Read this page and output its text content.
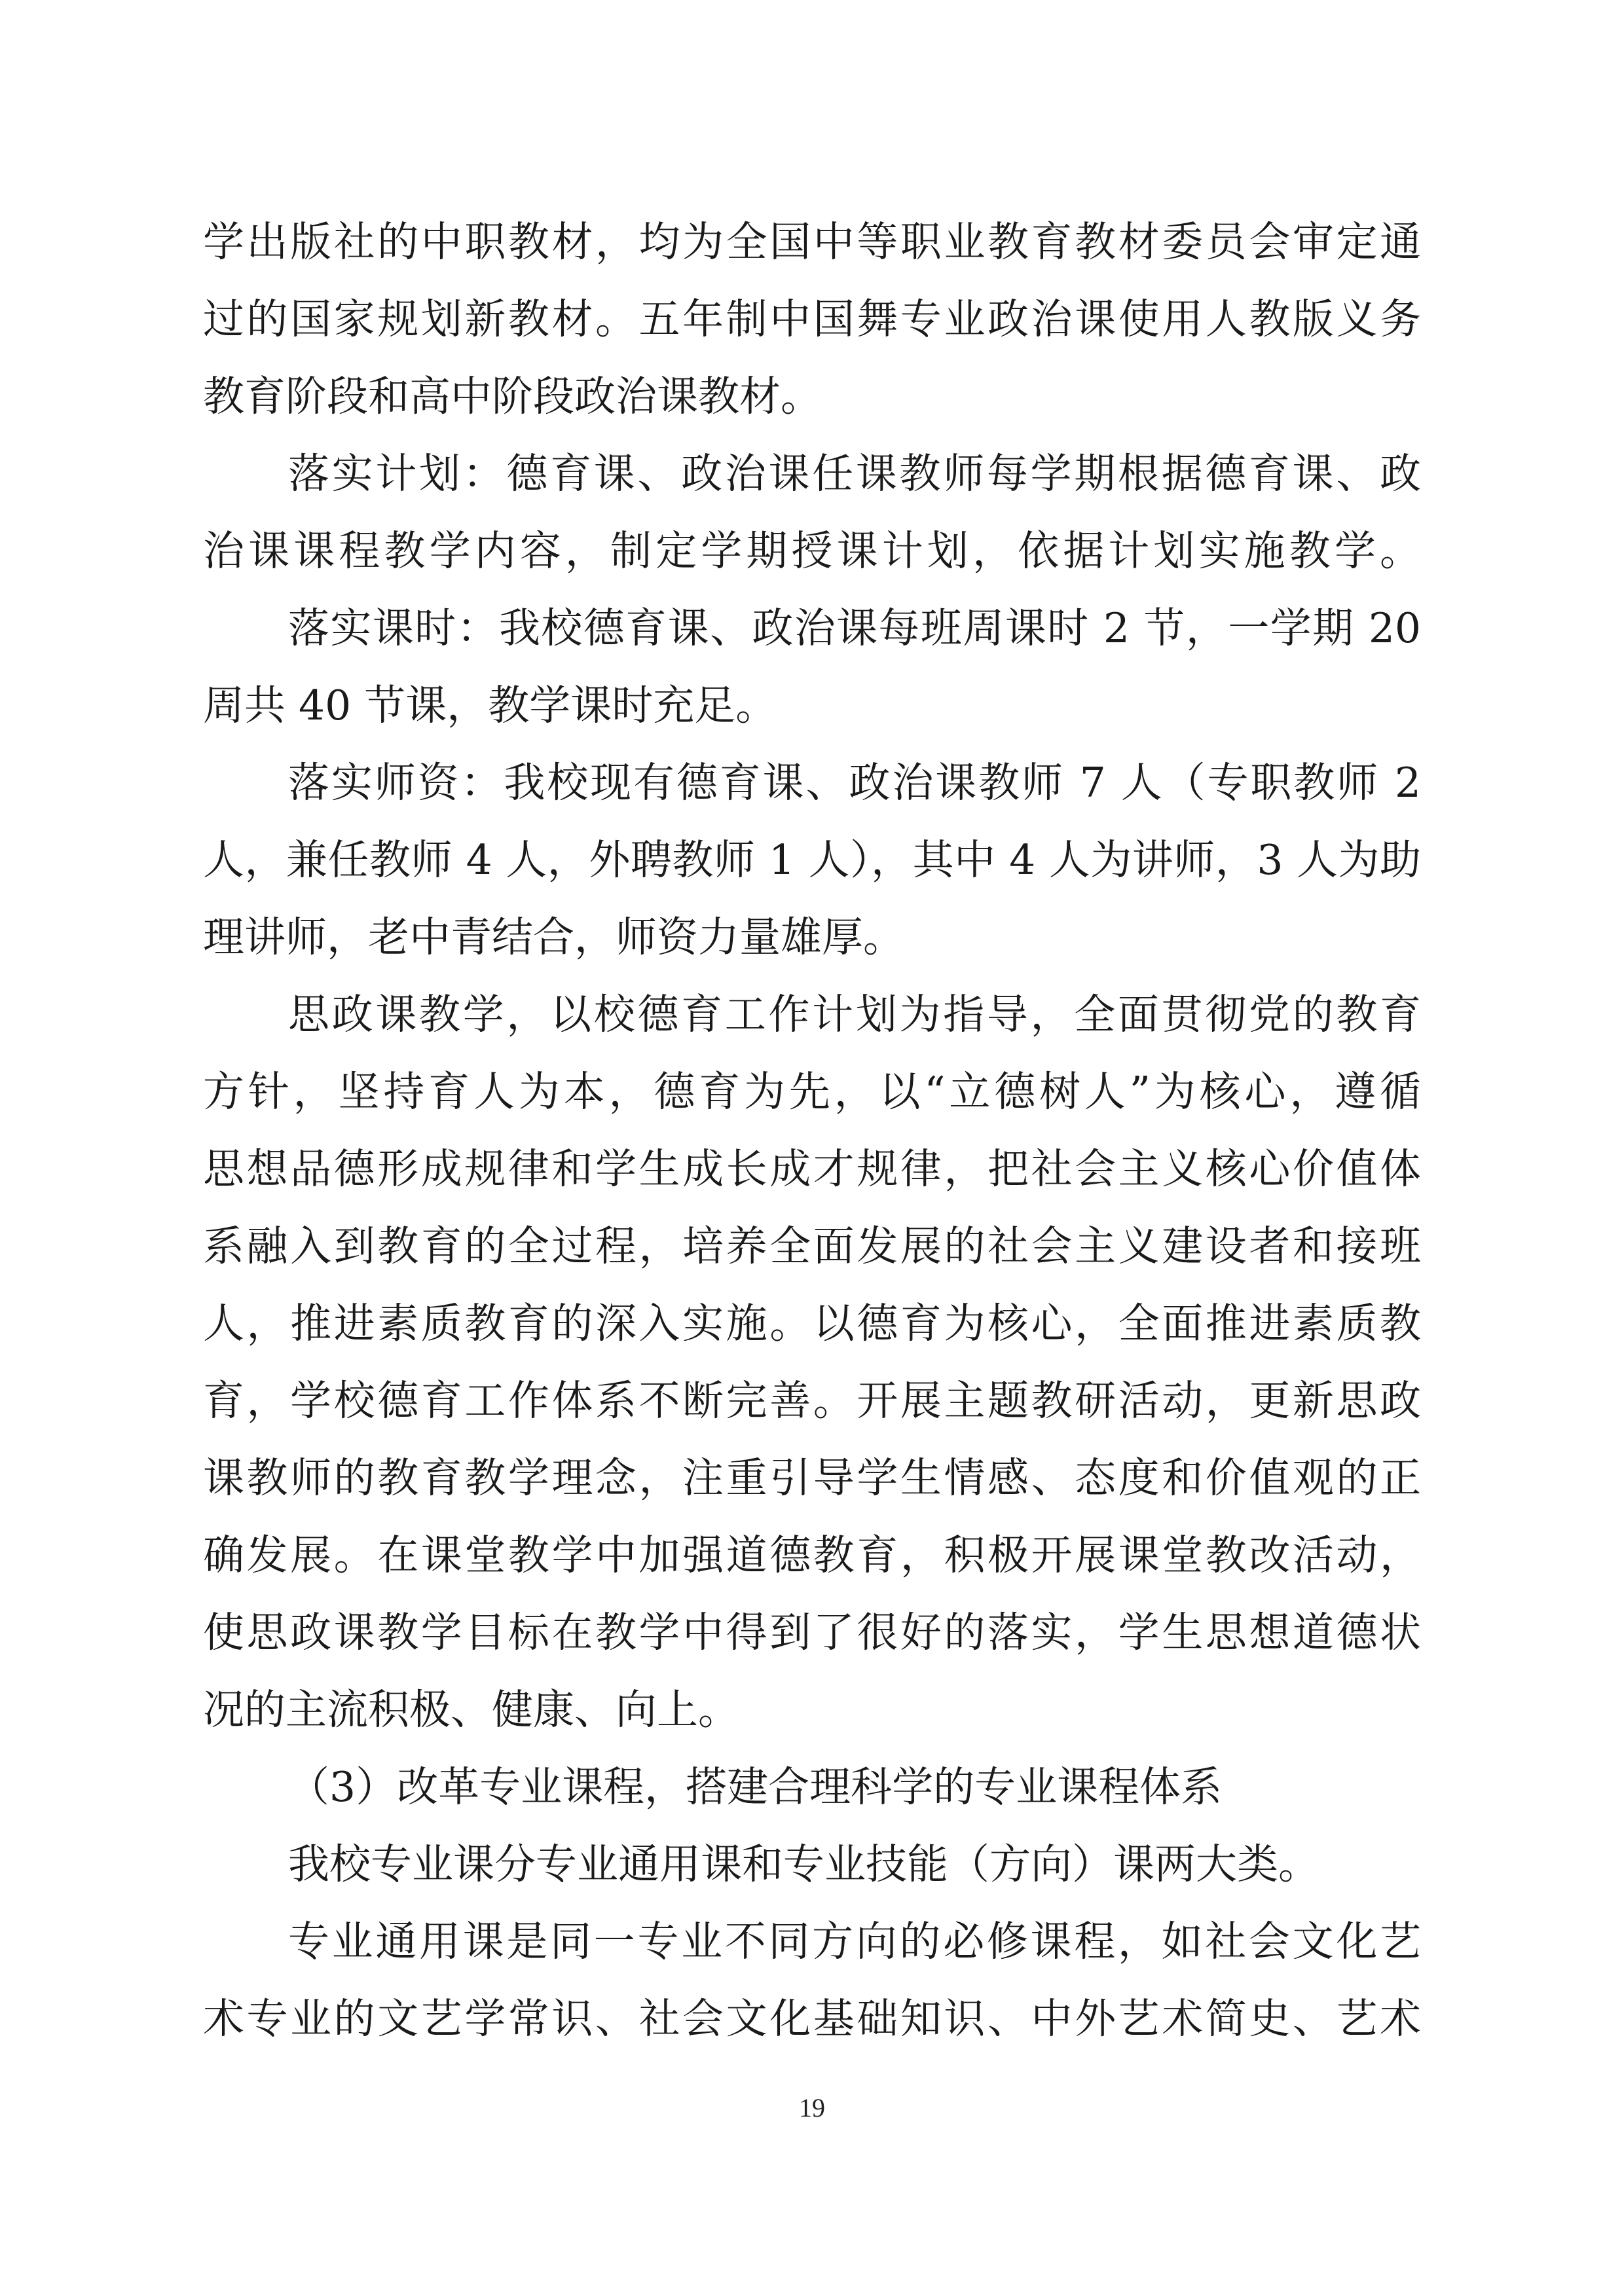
学出版社的中职教材，均为全国中等职业教育教材委员会审定通
过的国家规划新教材。五年制中国舞专业政治课使用人教版义务
教育阶段和高中阶段政治课教材。
落实计划：德育课、政治课任课教师每学期根据德育课、政
治课课程教学内容，制定学期授课计划，依据计划实施教学。
落实课时：我校德育课、政治课每班周课时 2 节，一学期 20
周共 40 节课，教学课时充足。
落实师资：我校现有德育课、政治课教师 7 人（专职教师 2
人，兼任教师 4 人，外聘教师 1 人），其中 4 人为讲师，3 人为助
理讲师，老中青结合，师资力量雄厚。
思政课教学，以校德育工作计划为指导，全面贯彻党的教育
方针，坚持育人为本，德育为先，以“立德树人”为核心，遵循
思想品德形成规律和学生成长成才规律，把社会主义核心价值体
系融入到教育的全过程，培养全面发展的社会主义建设者和接班
人，推进素质教育的深入实施。以德育为核心，全面推进素质教
育，学校德育工作体系不断完善。开展主题教研活动，更新思政
课教师的教育教学理念，注重引导学生情感、态度和价值观的正
确发展。在课堂教学中加强道德教育，积极开展课堂教改活动，
使思政课教学目标在教学中得到了很好的落实，学生思想道德状
况的主流积极、健康、向上。
（3）改革专业课程，搭建合理科学的专业课程体系
我校专业课分专业通用课和专业技能（方向）课两大类。
专业通用课是同一专业不同方向的必修课程，如社会文化艺
术专业的文艺学常识、社会文化基础知识、中外艺术简史、艺术
19
